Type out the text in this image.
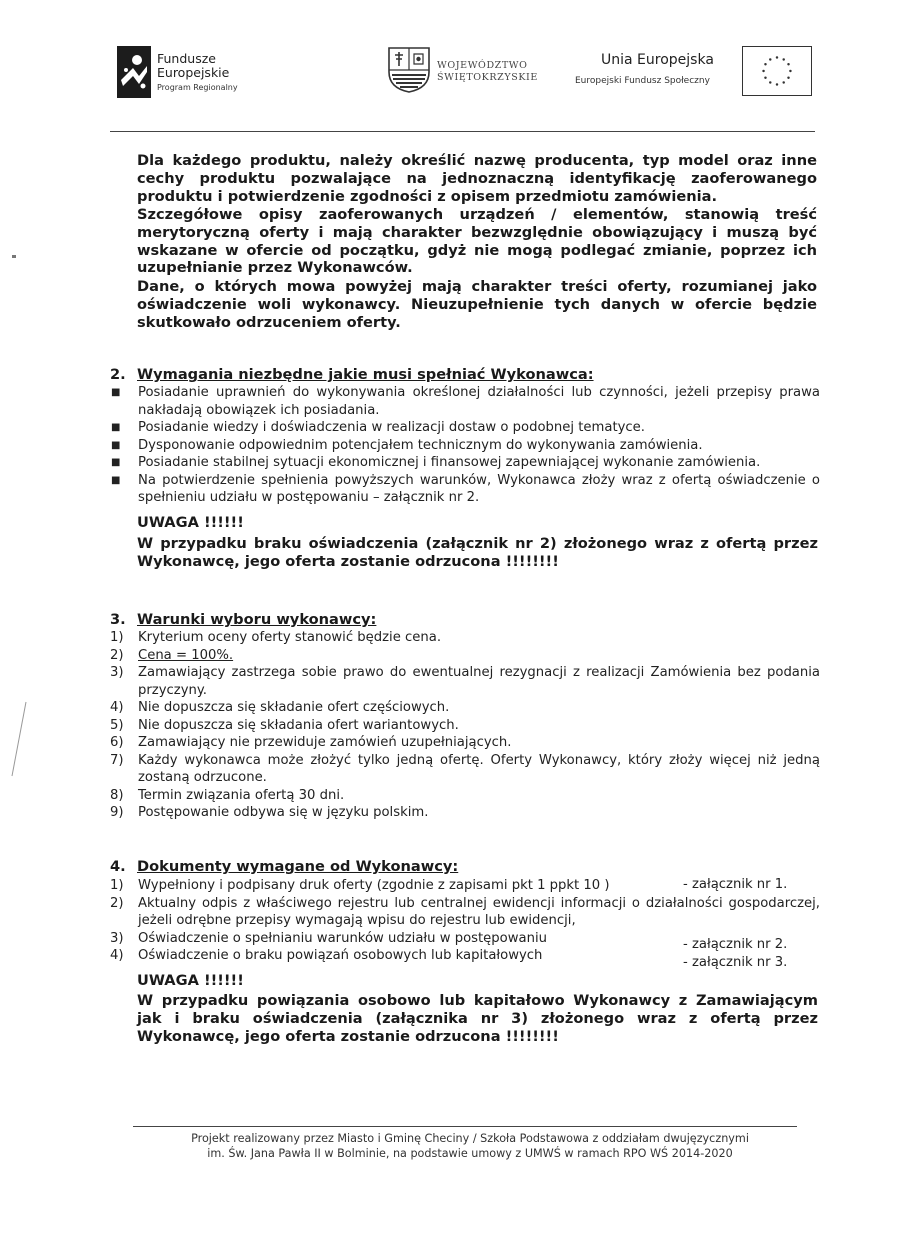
Fundusze
Europejskie
Program Regionalny
WOJEWÓDZTWO
ŚWIĘTOKRZYSKIE
Unia Europejska
Europejski Fundusz Społeczny

Dla każdego produktu, należy określić nazwę producenta, typ model oraz inne cechy produktu pozwalające na jednoznaczną identyfikację zaoferowanego produktu i potwierdzenie zgodności z opisem przedmiotu zamówienia.

Szczegółowe opisy zaoferowanych urządzeń / elementów, stanowią treść merytoryczną oferty i mają charakter bezwzględnie obowiązujący i muszą być wskazane w ofercie od początku, gdyż nie mogą podlegać zmianie, poprzez ich uzupełnianie przez Wykonawców.

Dane, o których mowa powyżej mają charakter treści oferty, rozumianej jako oświadczenie woli wykonawcy. Nieuzupełnienie tych danych w ofercie będzie skutkowało odrzuceniem oferty.

2. Wymagania niezbędne jakie musi spełniać Wykonawca:
■ Posiadanie uprawnień do wykonywania określonej działalności lub czynności, jeżeli przepisy prawa nakładają obowiązek ich posiadania.
■ Posiadanie wiedzy i doświadczenia w realizacji dostaw o podobnej tematyce.
■ Dysponowanie odpowiednim potencjałem technicznym do wykonywania zamówienia.
■ Posiadanie stabilnej sytuacji ekonomicznej i finansowej zapewniającej wykonanie zamówienia.
■ Na potwierdzenie spełnienia powyższych warunków, Wykonawca złoży wraz z ofertą oświadczenie o spełnieniu udziału w postępowaniu – załącznik nr 2.

UWAGA !!!!!!

W przypadku braku oświadczenia (załącznik nr 2) złożonego wraz z ofertą przez Wykonawcę, jego oferta zostanie odrzucona !!!!!!!!

3. Warunki wyboru wykonawcy:
1) Kryterium oceny oferty stanowić będzie cena.
2) Cena = 100%.
3) Zamawiający zastrzega sobie prawo do ewentualnej rezygnacji z realizacji Zamówienia bez podania przyczyny.
4) Nie dopuszcza się składanie ofert częściowych.
5) Nie dopuszcza się składania ofert wariantowych.
6) Zamawiający nie przewiduje zamówień uzupełniających.
7) Każdy wykonawca może złożyć tylko jedną ofertę. Oferty Wykonawcy, który złoży więcej niż jedną zostaną odrzucone.
8) Termin związania ofertą 30 dni.
9) Postępowanie odbywa się w języku polskim.
4. Dokumenty wymagane od Wykonawcy:
1) Wypełniony i podpisany druk oferty (zgodnie z zapisami pkt 1 ppkt 10 )
2) Aktualny odpis z właściwego rejestru lub centralnej ewidencji informacji o działalności gospodarczej, jeżeli odrębne przepisy wymagają wpisu do rejestru lub ewidencji,
3) Oświadczenie o spełnianiu warunków udziału w postępowaniu
4) Oświadczenie o braku powiązań osobowych lub kapitałowych
- załącznik nr 1.
- załącznik nr 2.
- załącznik nr 3.

UWAGA !!!!!!

W przypadku powiązania osobowo lub kapitałowo Wykonawcy z Zamawiającym jak i braku oświadczenia (załącznika nr 3) złożonego wraz z ofertą przez Wykonawcę, jego oferta zostanie odrzucona !!!!!!!!

Projekt realizowany przez Miasto i Gminę Checiny / Szkoła Podstawowa z oddziałam dwujęzycznymi
im. Św. Jana Pawła II w Bolminie, na podstawie umowy z UMWŚ w ramach RPO WŚ 2014-2020
